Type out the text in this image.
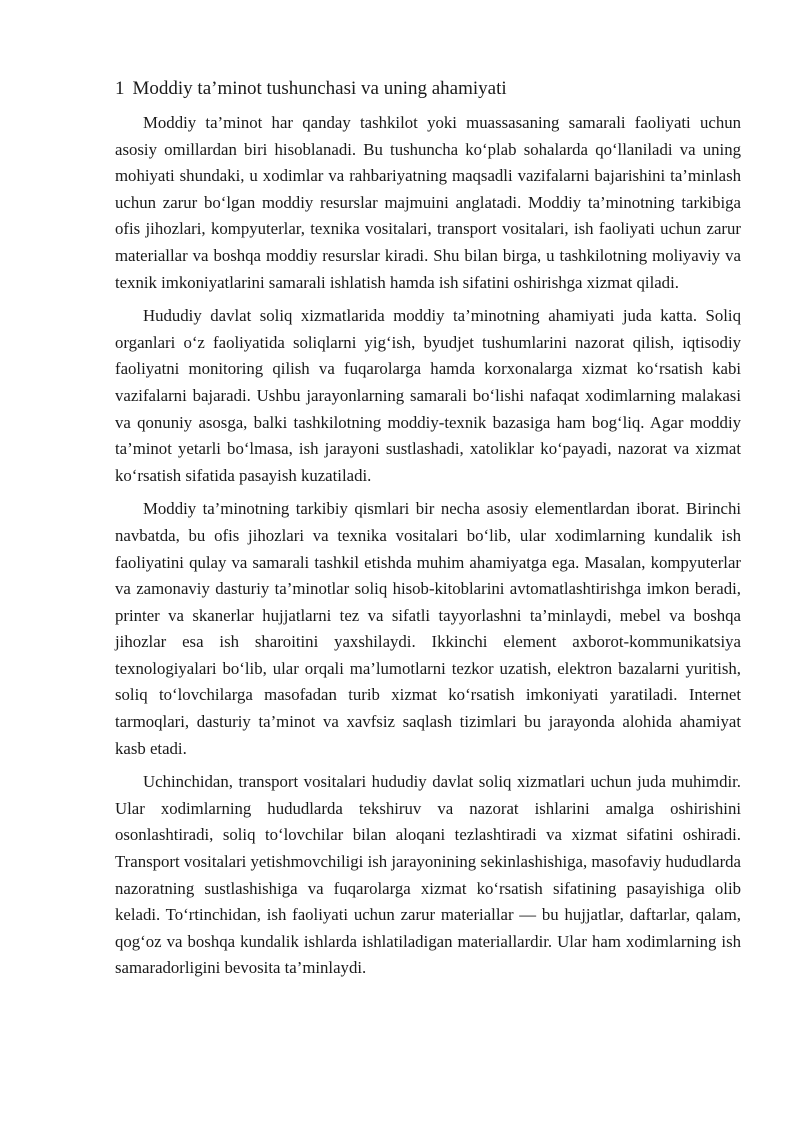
1 Moddiy ta’minot tushunchasi va uning ahamiyati

Moddiy ta’minot har qanday tashkilot yoki muassasaning samarali faoliyati uchun asosiy omillardan biri hisoblanadi. Bu tushuncha ko‘plab sohalarda qo‘llaniladi va uning mohiyati shundaki, u xodimlar va rahbariyatning maqsadli vazifalarni bajarishini ta’minlash uchun zarur bo‘lgan moddiy resurslar majmuini anglatadi. Moddiy ta’minotning tarkibiga ofis jihozlari, kompyuterlar, texnika vositalari, transport vositalari, ish faoliyati uchun zarur materiallar va boshqa moddiy resurslar kiradi. Shu bilan birga, u tashkilotning moliyaviy va texnik imkoniyatlarini samarali ishlatish hamda ish sifatini oshirishga xizmat qiladi.

Hududiy davlat soliq xizmatlarida moddiy ta’minotning ahamiyati juda katta. Soliq organlari o‘z faoliyatida soliqlarni yig‘ish, byudjet tushumlarini nazorat qilish, iqtisodiy faoliyatni monitoring qilish va fuqarolarga hamda korxonalarga xizmat ko‘rsatish kabi vazifalarni bajaradi. Ushbu jarayonlarning samarali bo‘lishi nafaqat xodimlarning malakasi va qonuniy asosga, balki tashkilotning moddiy-texnik bazasiga ham bog‘liq. Agar moddiy ta’minot yetarli bo‘lmasa, ish jarayoni sustlashadi, xatoliklar ko‘payadi, nazorat va xizmat ko‘rsatish sifatida pasayish kuzatiladi.

Moddiy ta’minotning tarkibiy qismlari bir necha asosiy elementlardan iborat. Birinchi navbatda, bu ofis jihozlari va texnika vositalari bo‘lib, ular xodimlarning kundalik ish faoliyatini qulay va samarali tashkil etishda muhim ahamiyatga ega. Masalan, kompyuterlar va zamonaviy dasturiy ta’minotlar soliq hisob-kitoblarini avtomatlashtirishga imkon beradi, printer va skanerlar hujjatlarni tez va sifatli tayyorlashni ta’minlaydi, mebel va boshqa jihozlar esa ish sharoitini yaxshilaydi. Ikkinchi element axborot-kommunikatsiya texnologiyalari bo‘lib, ular orqali ma’lumotlarni tezkor uzatish, elektron bazalarni yuritish, soliq to‘lovchilarga masofadan turib xizmat ko‘rsatish imkoniyati yaratiladi. Internet tarmoqlari, dasturiy ta’minot va xavfsiz saqlash tizimlari bu jarayonda alohida ahamiyat kasb etadi.

Uchinchidan, transport vositalari hududiy davlat soliq xizmatlari uchun juda muhimdir. Ular xodimlarning hududlarda tekshiruv va nazorat ishlarini amalga oshirishini osonlashtiradi, soliq to‘lovchilar bilan aloqani tezlashtiradi va xizmat sifatini oshiradi. Transport vositalari yetishmovchiligi ish jarayonining sekinlashishiga, masofaviy hududlarda nazoratning sustlashishiga va fuqarolarga xizmat ko‘rsatish sifatining pasayishiga olib keladi. To‘rtinchidan, ish faoliyati uchun zarur materiallar — bu hujjatlar, daftarlar, qalam, qog‘oz va boshqa kundalik ishlarda ishlatiladigan materiallardir. Ular ham xodimlarning ish samaradorligini bevosita ta’minlaydi.
